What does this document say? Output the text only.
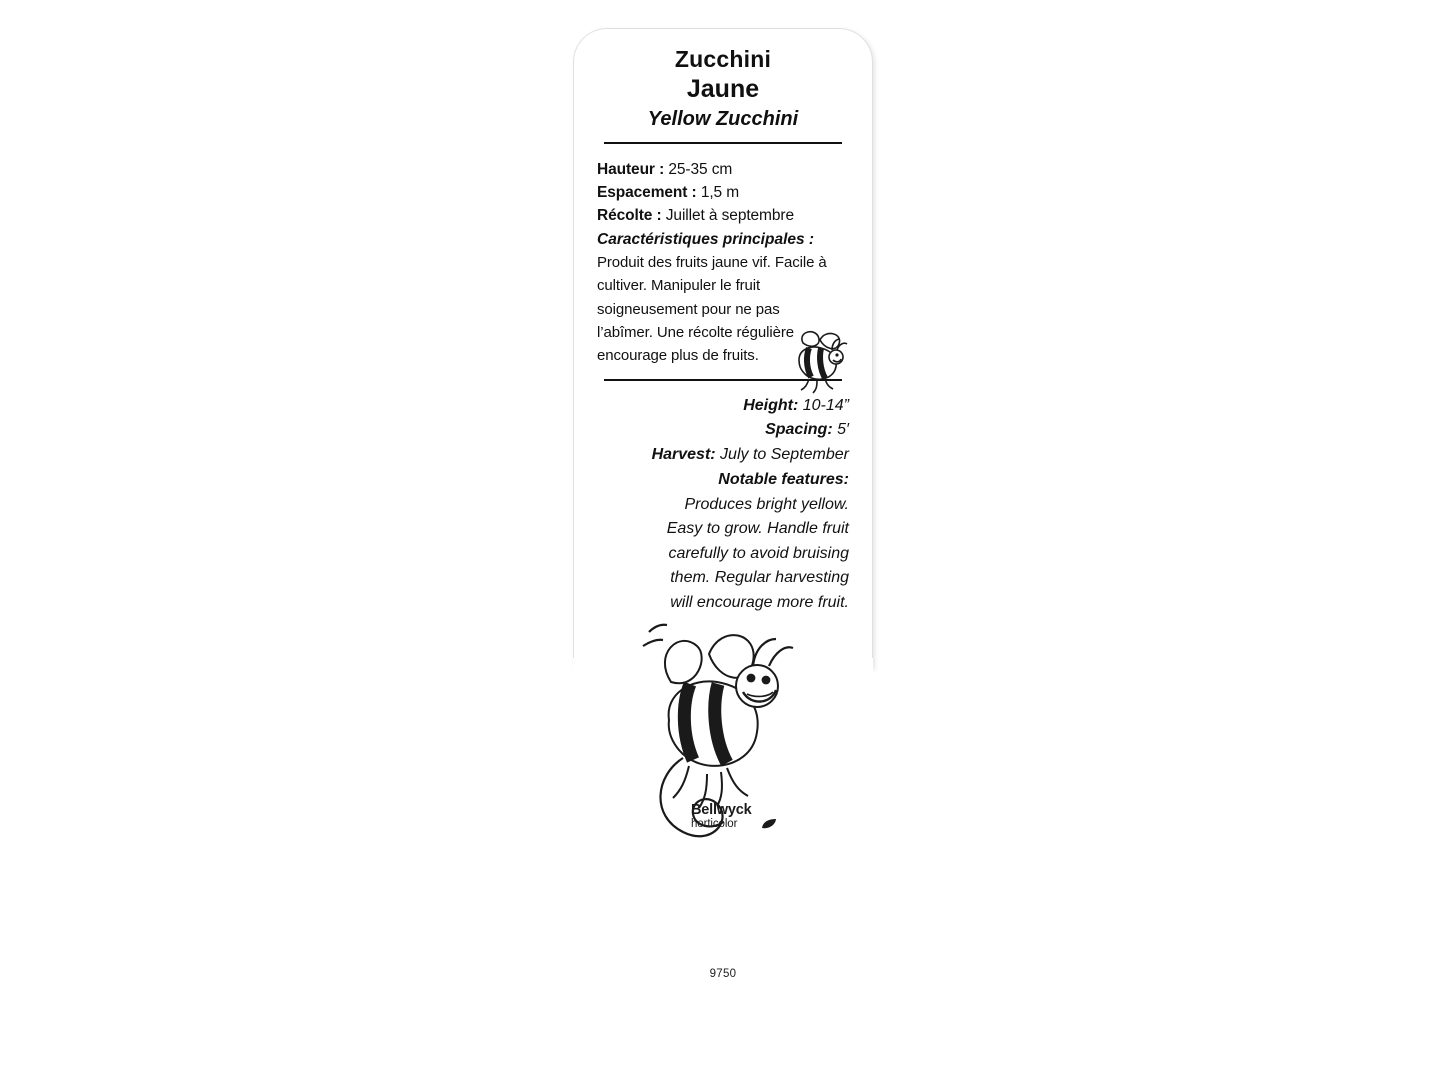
Zucchini
Jaune
Yellow Zucchini
Hauteur : 25-35 cm
Espacement : 1,5 m
Récolte : Juillet à septembre
Caractéristiques principales :
Produit des fruits jaune vif. Facile à cultiver. Manipuler le fruit soigneusement pour ne pas l’abîmer. Une récolte régulière encourage plus de fruits.
Height: 10-14”
Spacing: 5′
Harvest: July to September
Notable features:
Produces bright yellow. Easy to grow. Handle fruit carefully to avoid bruising them. Regular harvesting will encourage more fruit.
Bellwyck
horticolor
9750
